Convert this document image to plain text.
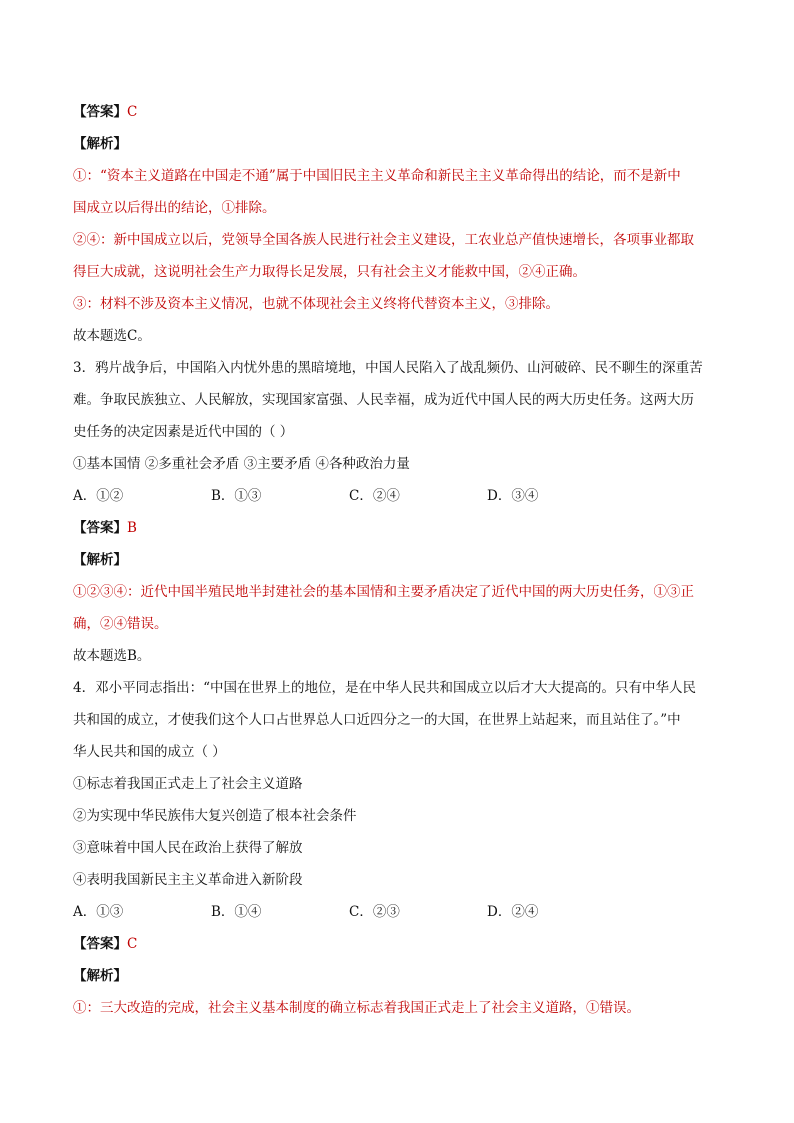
【答案】C
【解析】
①：“资本主义道路在中国走不通”属于中国旧民主主义革命和新民主主义革命得出的结论，而不是新中
国成立以后得出的结论，①排除。
②④：新中国成立以后，党领导全国各族人民进行社会主义建设，工农业总产值快速增长，各项事业都取
得巨大成就，这说明社会生产力取得长足发展，只有社会主义才能救中国，②④正确。
③：材料不涉及资本主义情况，也就不体现社会主义终将代替资本主义，③排除。
故本题选C。
3．鸦片战争后，中国陷入内忧外患的黑暗境地，中国人民陷入了战乱频仍、山河破碎、民不聊生的深重苦
难。争取民族独立、人民解放，实现国家富强、人民幸福，成为近代中国人民的两大历史任务。这两大历
史任务的决定因素是近代中国的（ ）
①基本国情 ②多重社会矛盾 ③主要矛盾 ④各种政治力量
A．①②	B．①③	C．②④	D．③④
【答案】B
【解析】
①②③④：近代中国半殖民地半封建社会的基本国情和主要矛盾决定了近代中国的两大历史任务，①③正
确，②④错误。
故本题选B。
4．邓小平同志指出：“中国在世界上的地位，是在中华人民共和国成立以后才大大提高的。只有中华人民
共和国的成立，才使我们这个人口占世界总人口近四分之一的大国，在世界上站起来，而且站住了。”中
华人民共和国的成立（ ）
①标志着我国正式走上了社会主义道路
②为实现中华民族伟大复兴创造了根本社会条件
③意味着中国人民在政治上获得了解放
④表明我国新民主主义革命进入新阶段
A．①③	B．①④	C．②③	D．②④
【答案】C
【解析】
①：三大改造的完成，社会主义基本制度的确立标志着我国正式走上了社会主义道路，①错误。
